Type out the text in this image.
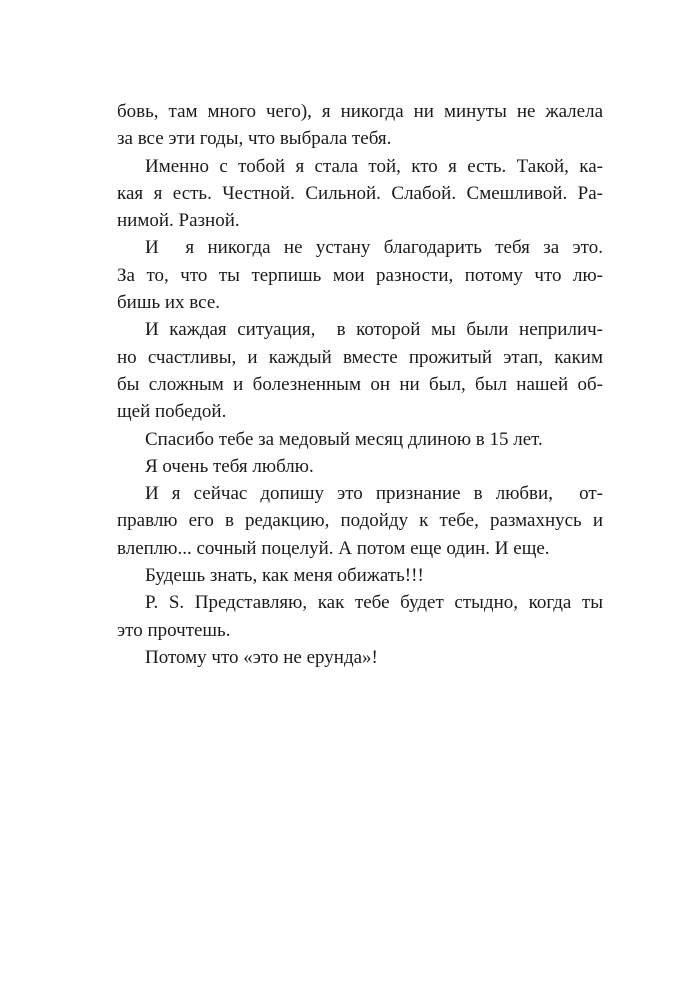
бовь, там много чего), я никогда ни минуты не жалела
за все эти годы, что выбрала тебя.
Именно с тобой я стала той, кто я есть. Такой, ка-
кая я есть. Честной. Сильной. Слабой. Смешливой. Ра-
нимой. Разной.
И  я никогда не устану благодарить тебя за это.
За то, что ты терпишь мои разности, потому что лю-
бишь их все.
И каждая ситуация,  в которой мы были неприлич-
но счастливы, и каждый вместе прожитый этап, каким
бы сложным и болезненным он ни был, был нашей об-
щей победой.
Спасибо тебе за медовый месяц длиною в 15 лет.
Я очень тебя люблю.
И я сейчас допишу это признание в любви,  от-
правлю его в редакцию, подойду к тебе, размахнусь и
влеплю... сочный поцелуй. А потом еще один. И еще.
Будешь знать, как меня обижать!!!
P. S. Представляю, как тебе будет стыдно, когда ты
это прочтешь.
Потому что «это не ерунда»!
